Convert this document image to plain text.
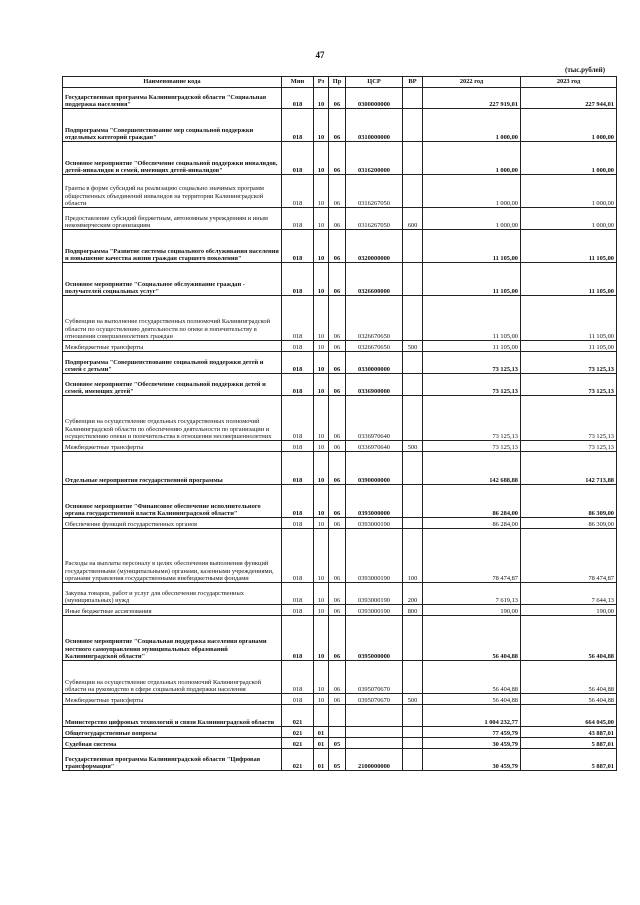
47
(тыс.рублей)
Наименование кода	Мин	Рз	Пр	ЦСР	ВР	2022 год	2023 год
Государственная программа Калининградской области "Социальная поддержка населения"	018	10	06	0300000000		227 919,01	227 944,01
Подпрограмма "Совершенствование мер социальной поддержки отдельных категорий граждан"	018	10	06	0310000000		1 000,00	1 000,00
Основное мероприятие "Обеспечение социальной поддержки инвалидов, детей-инвалидов и семей, имеющих детей-инвалидов"	018	10	06	0316200000		1 000,00	1 000,00
Гранты в форме субсидий на реализацию социально значимых программ общественных объединений инвалидов на территории Калининградской области	018	10	06	0316267050		1 000,00	1 000,00
Предоставление субсидий бюджетным, автономным учреждениям и иным некоммерческим организациям	018	10	06	0316267050	600	1 000,00	1 000,00
Подпрограмма "Развитие системы социального обслуживания населения и повышение качества жизни граждан старшего поколения"	018	10	06	0320000000		11 105,00	11 105,00
Основное мероприятие "Социальное обслуживание граждан - получателей социальных услуг"	018	10	06	0326600000		11 105,00	11 105,00
Субвенции на выполнение государственных полномочий Калининградской области по осуществлению деятельности по опеке и попечительству в отношении совершеннолетних граждан	018	10	06	0326670650		11 105,00	11 105,00
Межбюджетные трансферты	018	10	06	0326670650	500	11 105,00	11 105,00
Подпрограмма "Совершенствование социальной поддержки детей и семей с детьми"	018	10	06	0330000000		73 125,13	73 125,13
Основное мероприятие "Обеспечение социальной поддержки детей и семей, имеющих детей"	018	10	06	0336900000		73 125,13	73 125,13
Субвенции на осуществление отдельных государственных полномочий Калининградской области по обеспечению деятельности по организации и осуществлению опеки и попечительства в отношении несовершеннолетних	018	10	06	0336970640		73 125,13	73 125,13
Межбюджетные трансферты	018	10	06	0336970640	500	73 125,13	73 125,13
Отдельные мероприятия государственной программы	018	10	06	0390000000		142 688,88	142 713,88
Основное мероприятие "Финансовое обеспечение исполнительного органа государственной власти Калининградской области"	018	10	06	0393000000		86 284,00	86 309,00
Обеспечение функций государственных органов	018	10	06	0393000190		86 284,00	86 309,00
Расходы на выплаты персоналу в целях обеспечения выполнения функций государственными (муниципальными) органами, казенными учреждениями, органами управления государственными внебюджетными фондами	018	10	06	0393000190	100	78 474,87	78 474,87
Закупка товаров, работ и услуг для обеспечения государственных (муниципальных) нужд	018	10	06	0393000190	200	7 619,13	7 644,13
Иные бюджетные ассигнования	018	10	06	0393000190	800	190,00	190,00
Основное мероприятие "Социальная поддержка населения органами местного самоуправления муниципальных образований Калининградской области"	018	10	06	0395000000		56 404,88	56 404,88
Субвенции на осуществление отдельных полномочий Калининградской области на руководство в сфере социальной поддержки населения	018	10	06	0395070670		56 404,88	56 404,88
Межбюджетные трансферты	018	10	06	0395070670	500	56 404,88	56 404,88
Министерство цифровых технологий и связи Калининградской области	021					1 004 232,77	664 045,00
Общегосударственные вопросы	021	01				77 459,79	43 887,01
Судебная система	021	01	05			30 459,79	5 887,01
Государственная программа Калининградской области "Цифровая трансформация"	021	01	05	2100000000		30 459,79	5 887,01
